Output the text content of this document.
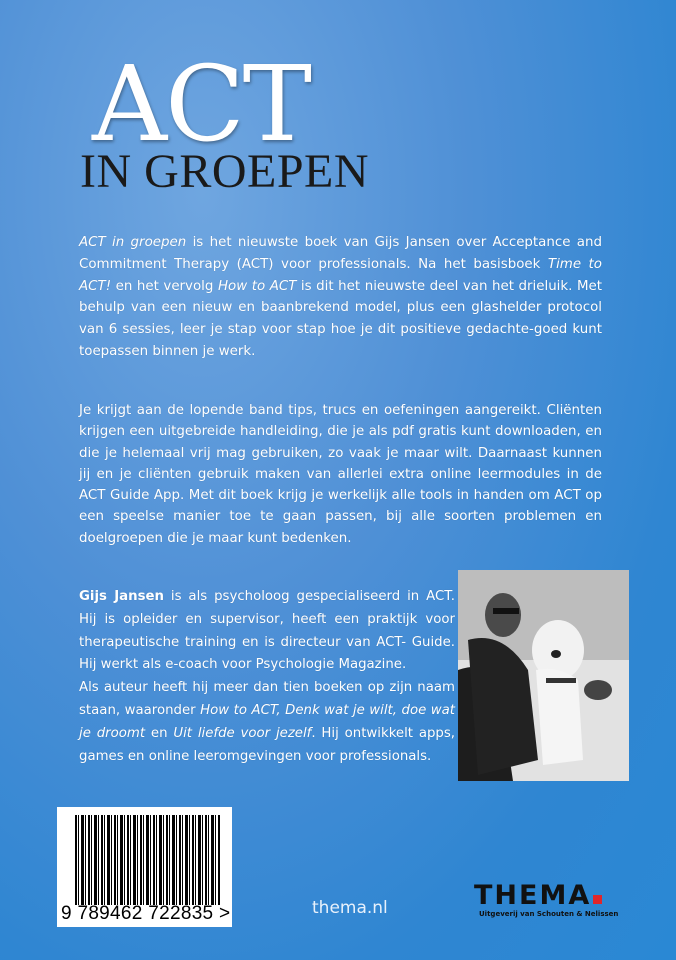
ACT
IN GROEPEN
ACT in groepen is het nieuwste boek van Gijs Jansen over Acceptance and Commitment Therapy (ACT) voor professionals. Na het basisboek Time to ACT! en het vervolg How to ACT is dit het nieuwste deel van het drieluik. Met behulp van een nieuw en baanbrekend model, plus een glashelder protocol van 6 sessies, leer je stap voor stap hoe je dit positieve gedachte-goed kunt toepassen binnen je werk.
Je krijgt aan de lopende band tips, trucs en oefeningen aangereikt. Cliënten krijgen een uitgebreide handleiding, die je als pdf gratis kunt downloaden, en die je helemaal vrij mag gebruiken, zo vaak je maar wilt. Daarnaast kunnen jij en je cliënten gebruik maken van allerlei extra online leermodules in de ACT Guide App. Met dit boek krijg je werkelijk alle tools in handen om ACT op een speelse manier toe te gaan passen, bij alle soorten problemen en doelgroepen die je maar kunt bedenken.
Gijs Jansen is als psycholoog gespecialiseerd in ACT. Hij is opleider en supervisor, heeft een praktijk voor therapeutische training en is directeur van ACT- Guide. Hij werkt als e-coach voor Psychologie Magazine.
Als auteur heeft hij meer dan tien boeken op zijn naam staan, waaronder How to ACT, Denk wat je wilt, doe wat je droomt en Uit liefde voor jezelf. Hij ontwikkelt apps, games en online leeromgevingen voor professionals.
9 789462 722835 >	thema.nl	THEMA
Uitgeverij van Schouten & Nelissen
